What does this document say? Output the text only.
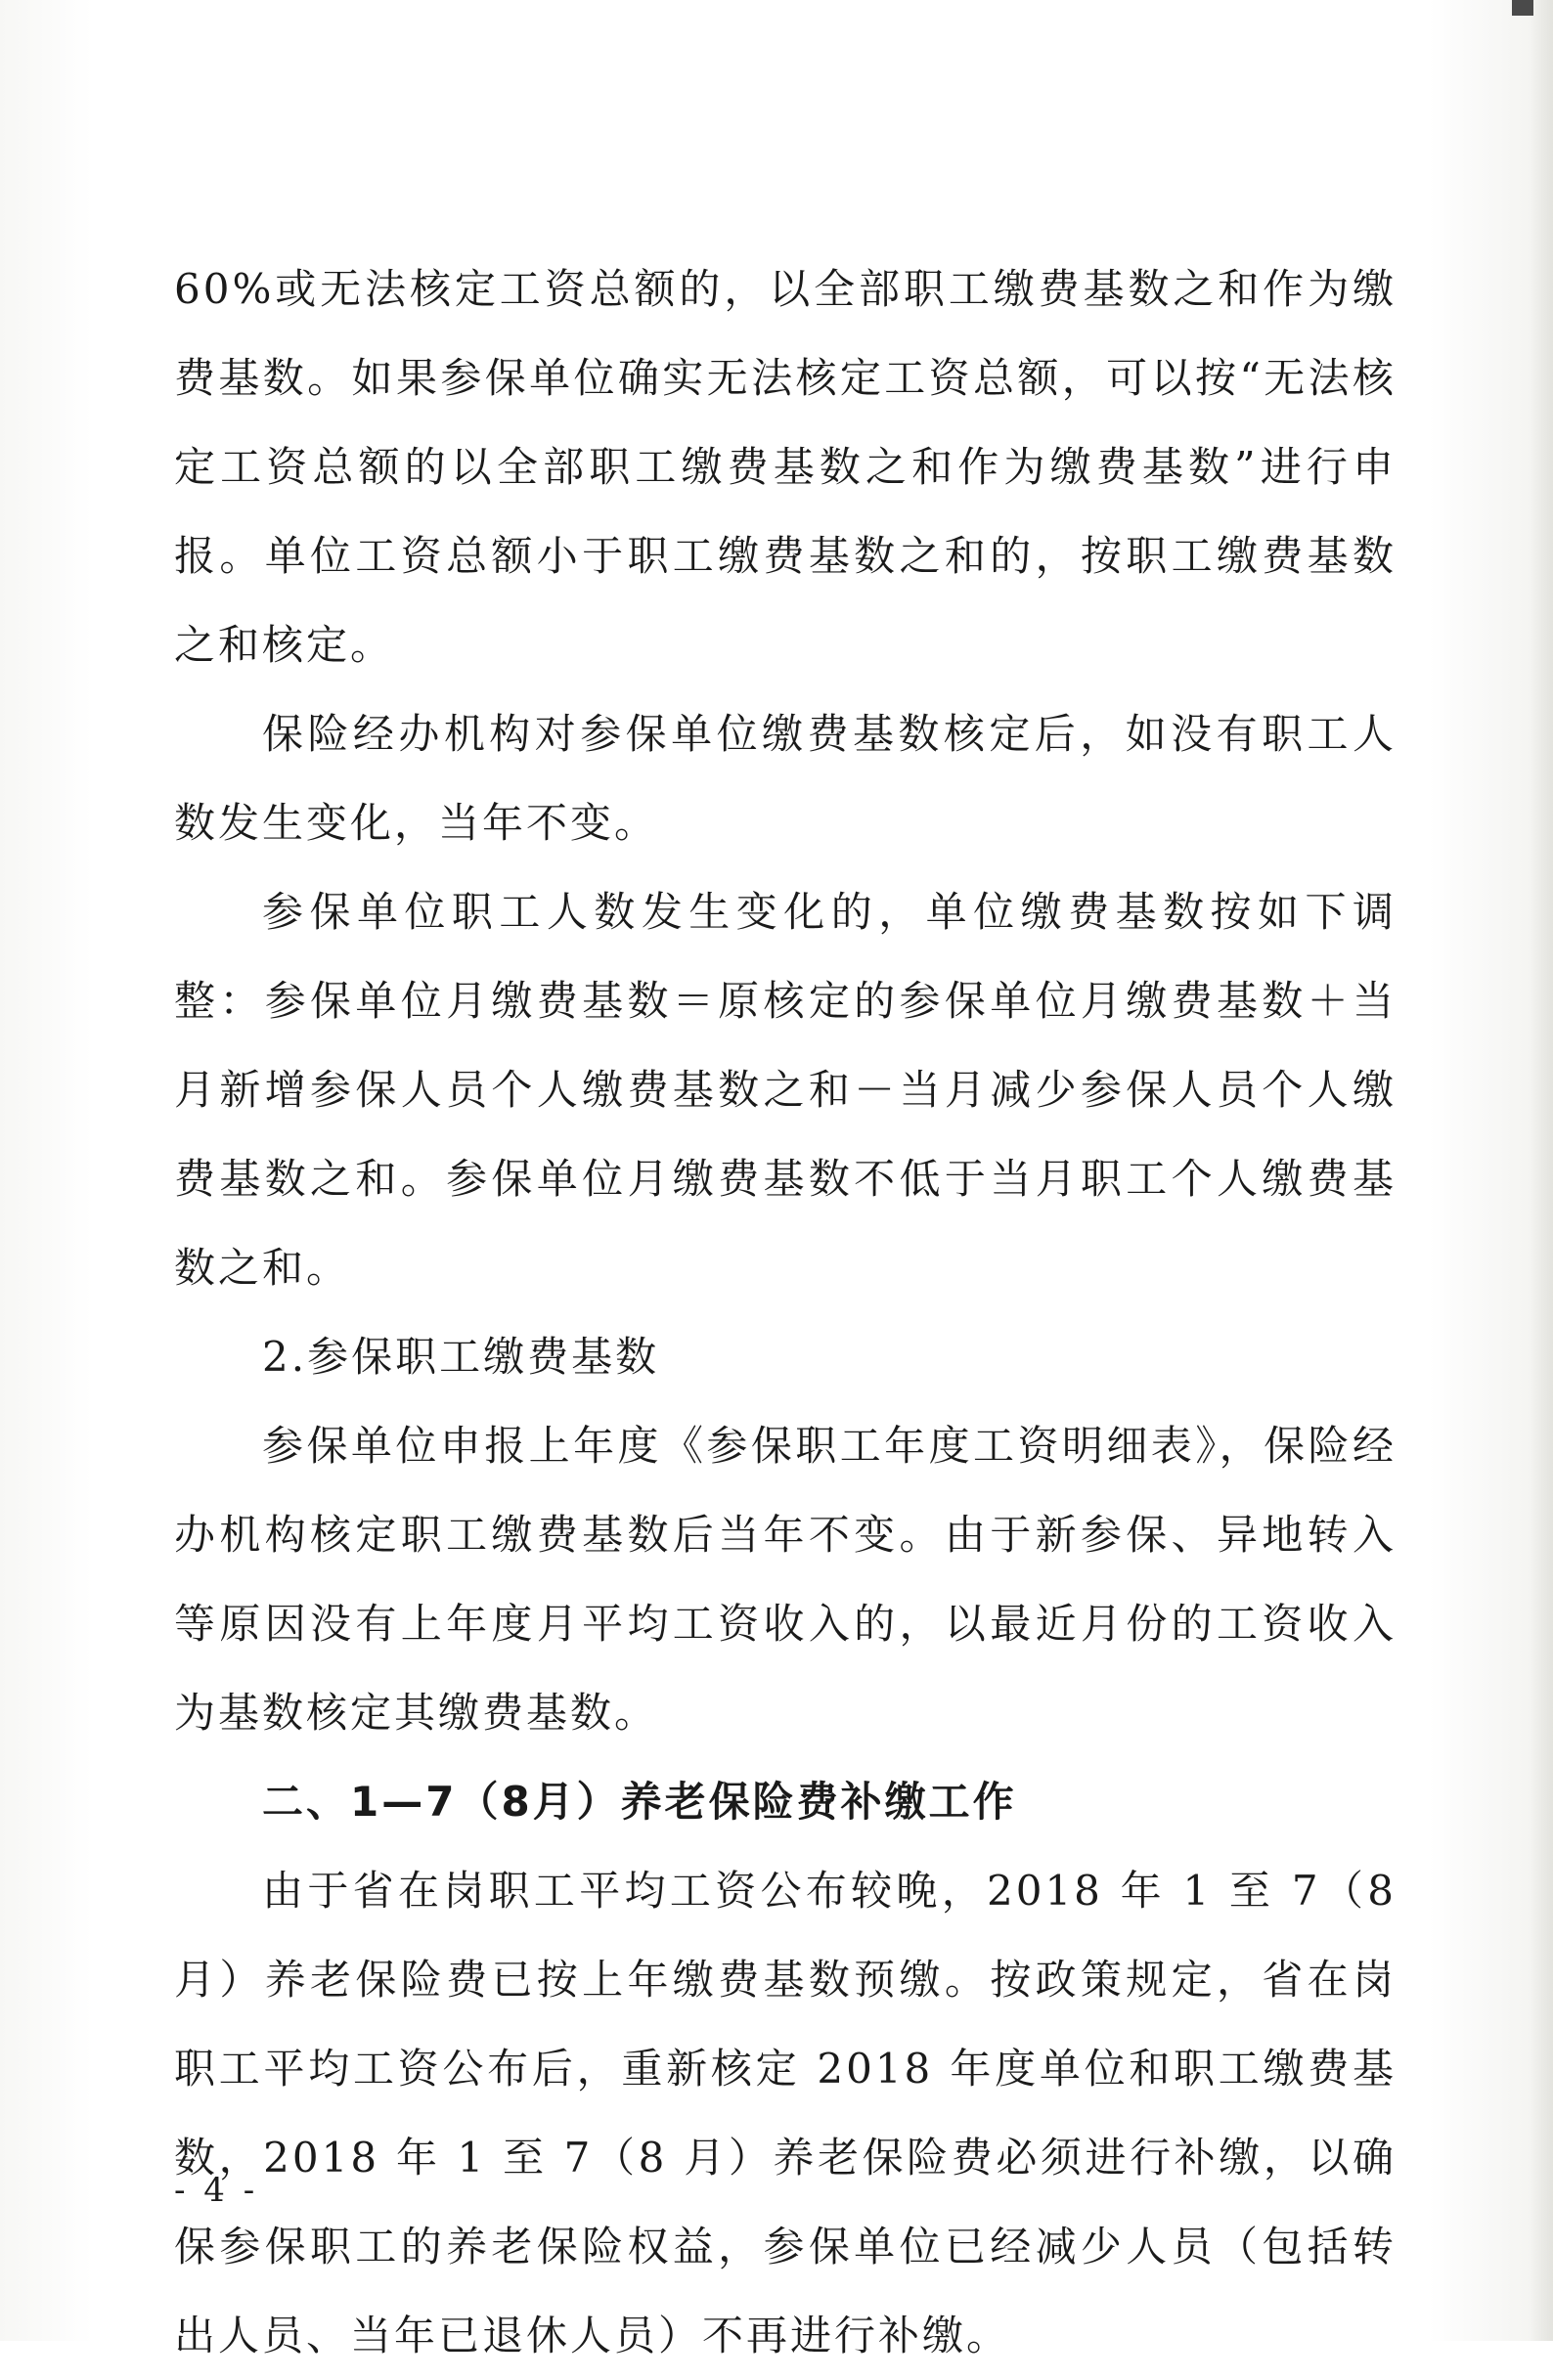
60%或无法核定工资总额的，以全部职工缴费基数之和作为缴费基数。如果参保单位确实无法核定工资总额，可以按“无法核定工资总额的以全部职工缴费基数之和作为缴费基数”进行申报。单位工资总额小于职工缴费基数之和的，按职工缴费基数之和核定。

保险经办机构对参保单位缴费基数核定后，如没有职工人数发生变化，当年不变。

参保单位职工人数发生变化的，单位缴费基数按如下调整：参保单位月缴费基数＝原核定的参保单位月缴费基数＋当月新增参保人员个人缴费基数之和－当月减少参保人员个人缴费基数之和。参保单位月缴费基数不低于当月职工个人缴费基数之和。

2.参保职工缴费基数

参保单位申报上年度《参保职工年度工资明细表》，保险经办机构核定职工缴费基数后当年不变。由于新参保、异地转入等原因没有上年度月平均工资收入的，以最近月份的工资收入为基数核定其缴费基数。

二、1—7（8月）养老保险费补缴工作

由于省在岗职工平均工资公布较晚，2018 年 1 至 7（8 月）养老保险费已按上年缴费基数预缴。按政策规定，省在岗职工平均工资公布后，重新核定 2018 年度单位和职工缴费基数，2018 年 1 至 7（8 月）养老保险费必须进行补缴，以确保参保职工的养老保险权益，参保单位已经减少人员（包括转出人员、当年已退休人员）不再进行补缴。

- 4 -
